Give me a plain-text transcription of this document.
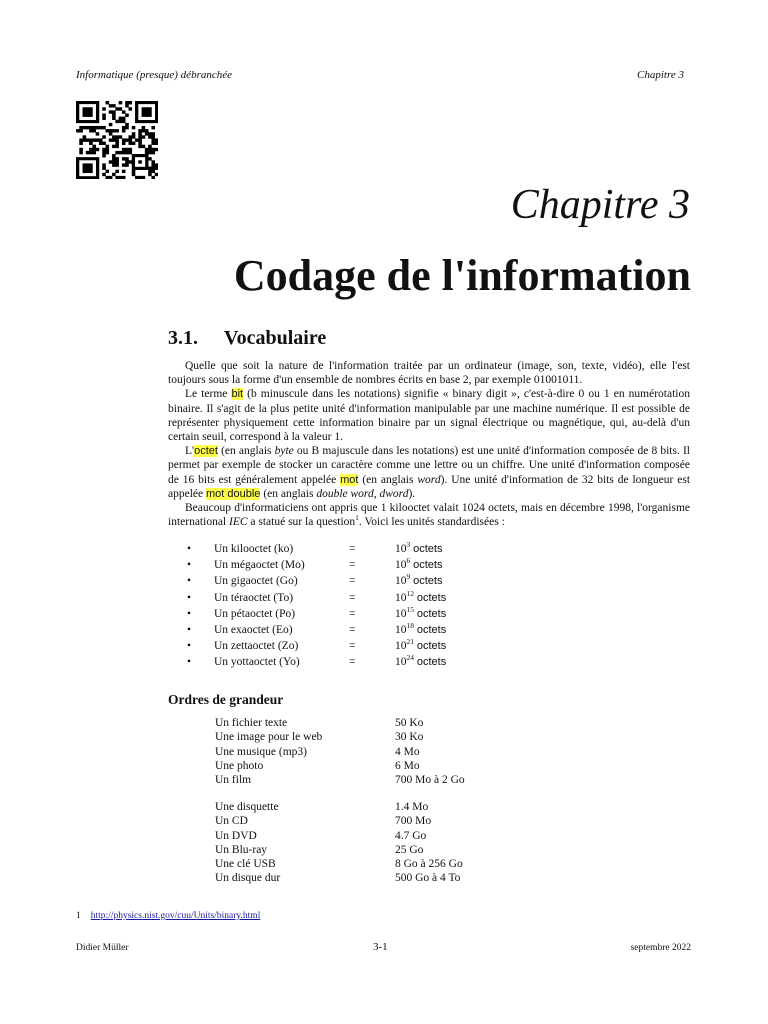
Informatique (presque) débranchée	Chapitre 3
Chapitre 3
Codage de l'information
3.1. Vocabulaire

Quelle que soit la nature de l'information traitée par un ordinateur (image, son, texte, vidéo), elle l'est toujours sous la forme d'un ensemble de nombres écrits en base 2, par exemple 01001011.

Le terme bit (b minuscule dans les notations) signifie « binary digit », c'est-à-dire 0 ou 1 en numérotation binaire. Il s'agit de la plus petite unité d'information manipulable par une machine numérique. Il est possible de représenter physiquement cette information binaire par un signal électrique ou magnétique, qui, au-delà d'un certain seuil, correspond à la valeur 1.

L'octet (en anglais byte ou B majuscule dans les notations) est une unité d'information composée de 8 bits. Il permet par exemple de stocker un caractère comme une lettre ou un chiffre. Une unité d'information composée de 16 bits est généralement appelée mot (en anglais word). Une unité d'information de 32 bits de longueur est appelée mot double (en anglais double word, dword).

Beaucoup d'informaticiens ont appris que 1 kilooctet valait 1024 octets, mais en décembre 1998, l'organisme international IEC a statué sur la question$^1$. Voici les unités standardisées :

• Un kilooctet (ko)	=	$10^3$ octets
• Un mégaoctet (Mo)	=	$10^6$ octets
• Un gigaoctet (Go)	=	$10^9$ octets
• Un téraoctet (To)	=	$10^{12}$ octets
• Un pétaoctet (Po)	=	$10^{15}$ octets
• Un exaoctet (Eo)	=	$10^{18}$ octets
• Un zettaoctet (Zo)	=	$10^{21}$ octets
• Un yottaoctet (Yo)	=	$10^{24}$ octets
Ordres de grandeur
Un fichier texte	50 Ko
Une image pour le web	30 Ko
Une musique (mp3)	4 Mo
Une photo	6 Mo
Un film	700 Mo à 2 Go
Une disquette	1.4 Mo
Un CD	700 Mo
Un DVD	4.7 Go
Un Blu-ray	25 Go
Une clé USB	8 Go à 256 Go
Un disque dur	500 Go à 4 To
1 http://physics.nist.gov/cuu/Units/binary.html
Didier Müller	3-1	septembre 2022
